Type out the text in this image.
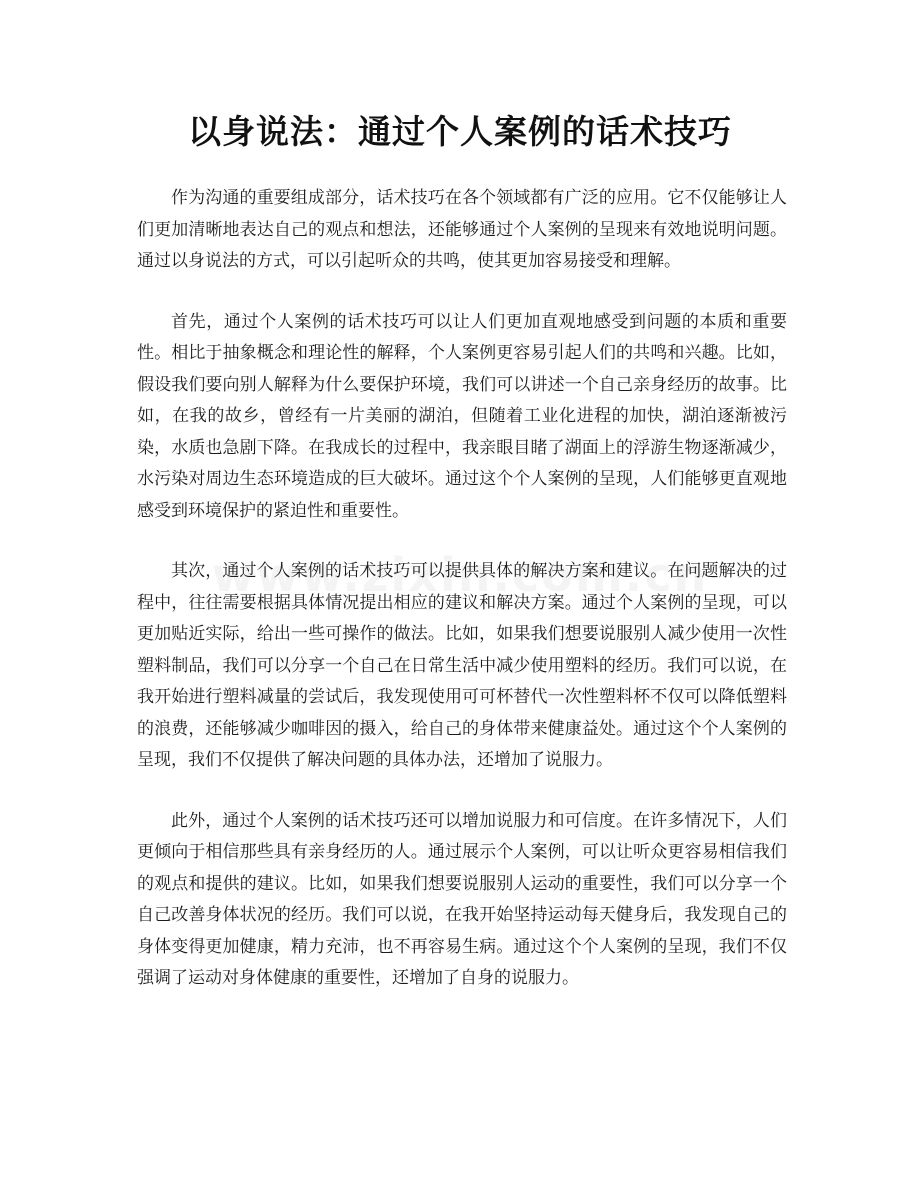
以身说法：通过个人案例的话术技巧

作为沟通的重要组成部分，话术技巧在各个领域都有广泛的应用。它不仅能够让人们更加清晰地表达自己的观点和想法，还能够通过个人案例的呈现来有效地说明问题。通过以身说法的方式，可以引起听众的共鸣，使其更加容易接受和理解。

首先，通过个人案例的话术技巧可以让人们更加直观地感受到问题的本质和重要性。相比于抽象概念和理论性的解释，个人案例更容易引起人们的共鸣和兴趣。比如，假设我们要向别人解释为什么要保护环境，我们可以讲述一个自己亲身经历的故事。比如，在我的故乡，曾经有一片美丽的湖泊，但随着工业化进程的加快，湖泊逐渐被污染，水质也急剧下降。在我成长的过程中，我亲眼目睹了湖面上的浮游生物逐渐减少，水污染对周边生态环境造成的巨大破坏。通过这个个人案例的呈现，人们能够更直观地感受到环境保护的紧迫性和重要性。

其次，通过个人案例的话术技巧可以提供具体的解决方案和建议。在问题解决的过程中，往往需要根据具体情况提出相应的建议和解决方案。通过个人案例的呈现，可以更加贴近实际，给出一些可操作的做法。比如，如果我们想要说服别人减少使用一次性塑料制品，我们可以分享一个自己在日常生活中减少使用塑料的经历。我们可以说，在我开始进行塑料减量的尝试后，我发现使用可可杯替代一次性塑料杯不仅可以降低塑料的浪费，还能够减少咖啡因的摄入，给自己的身体带来健康益处。通过这个个人案例的呈现，我们不仅提供了解决问题的具体办法，还增加了说服力。

此外，通过个人案例的话术技巧还可以增加说服力和可信度。在许多情况下，人们更倾向于相信那些具有亲身经历的人。通过展示个人案例，可以让听众更容易相信我们的观点和提供的建议。比如，如果我们想要说服别人运动的重要性，我们可以分享一个自己改善身体状况的经历。我们可以说，在我开始坚持运动每天健身后，我发现自己的身体变得更加健康，精力充沛，也不再容易生病。通过这个个人案例的呈现，我们不仅强调了运动对身体健康的重要性，还增加了自身的说服力。
